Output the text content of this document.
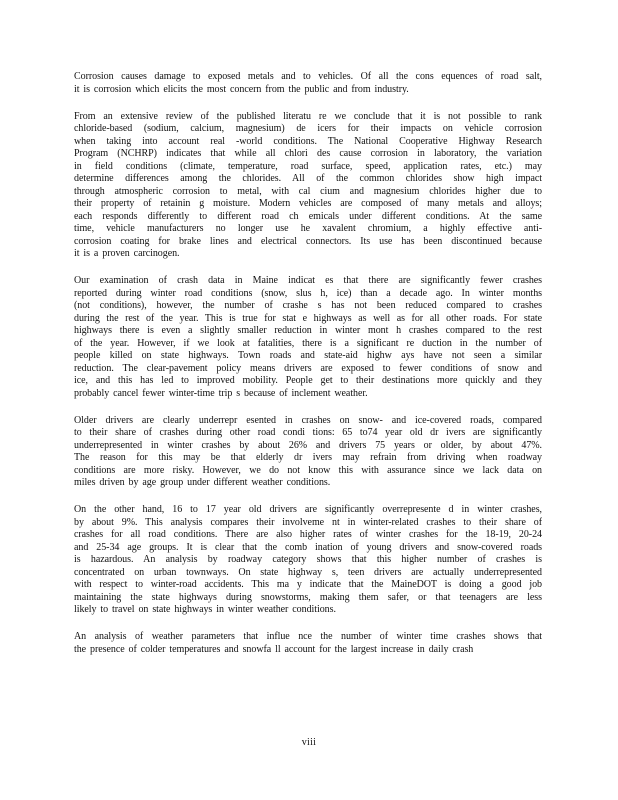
Corrosion causes damage to exposed metals and to vehicles. Of all the cons equences of road salt,
it is corrosion which elicits the most concern from the public and from industry.

From an extensive review of the published literatu re we conclude that it is not possible to rank
chloride-based (sodium, calcium, magnesium) de icers for their impacts on vehicle corrosion
when taking into account real -world conditions. The National Cooperative Highway Research
Program (NCHRP) indicates that while all chlori des cause corrosion in laboratory, the variation
in field conditions (climate, temperature, road surface, speed, application rates, etc.) may
determine differences among the chlorides. All of the common chlorides show high impact
through atmospheric corrosion to metal, with cal cium and magnesium chlorides higher due to
their property of retainin g moisture. Modern vehicles are composed of many metals and alloys;
each responds differently to different road ch emicals under different conditions. At the same
time, vehicle manufacturers no longer use he xavalent chromium, a highly effective anti-
corrosion coating for brake lines and electrical connectors. Its use has been discontinued because
it is a proven carcinogen.

Our examination of crash data in Maine indicat es that there are significantly fewer crashes
reported during winter road conditions (snow, slus h, ice) than a decade ago. In winter months
(not conditions), however, the number of crashe s has not been reduced compared to crashes
during the rest of the year. This is true for stat e highways as well as for all other roads. For state
highways there is even a slightly smaller reduction in winter mont h crashes compared to the rest
of the year. However, if we look at fatalities, there is a significant re duction in the number of
people killed on state highways. Town roads and state-aid highw ays have not seen a similar
reduction. The clear-pavement policy means drivers are exposed to fewer conditions of snow and
ice, and this has led to improved mobility. People get to their destinations more quickly and they
probably cancel fewer winter-time trip s because of inclement weather.

Older drivers are clearly underrepr esented in crashes on snow- and ice-covered roads, compared
to their share of crashes during other road condi tions: 65 to74 year old dr ivers are significantly
underrepresented in winter crashes by about 26% and drivers 75 years or older, by about 47%.
The reason for this may be that elderly dr ivers may refrain from driving when roadway
conditions are more risky. However, we do not know this with assurance since we lack data on
miles driven by age group under different weather conditions.

On the other hand, 16 to 17 year old drivers are significantly overrepresente d in winter crashes,
by about 9%. This analysis compares their involveme nt in winter-related crashes to their share of
crashes for all road conditions. There are also higher rates of winter crashes for the 18-19, 20-24
and 25-34 age groups. It is clear that the comb ination of young drivers and snow-covered roads
is hazardous. An analysis by roadway category shows that this higher number of crashes is
concentrated on urban townways. On state highway s, teen drivers are actually underrepresented
with respect to winter-road accidents. This ma y indicate that the MaineDOT is doing a good job
maintaining the state highways during snowstorms, making them safer, or that teenagers are less
likely to travel on state highways in winter weather conditions.

An analysis of weather parameters that influe nce the number of winter time crashes shows that
the presence of colder temperatures and snowfa ll account for the largest increase in daily crash

viii
